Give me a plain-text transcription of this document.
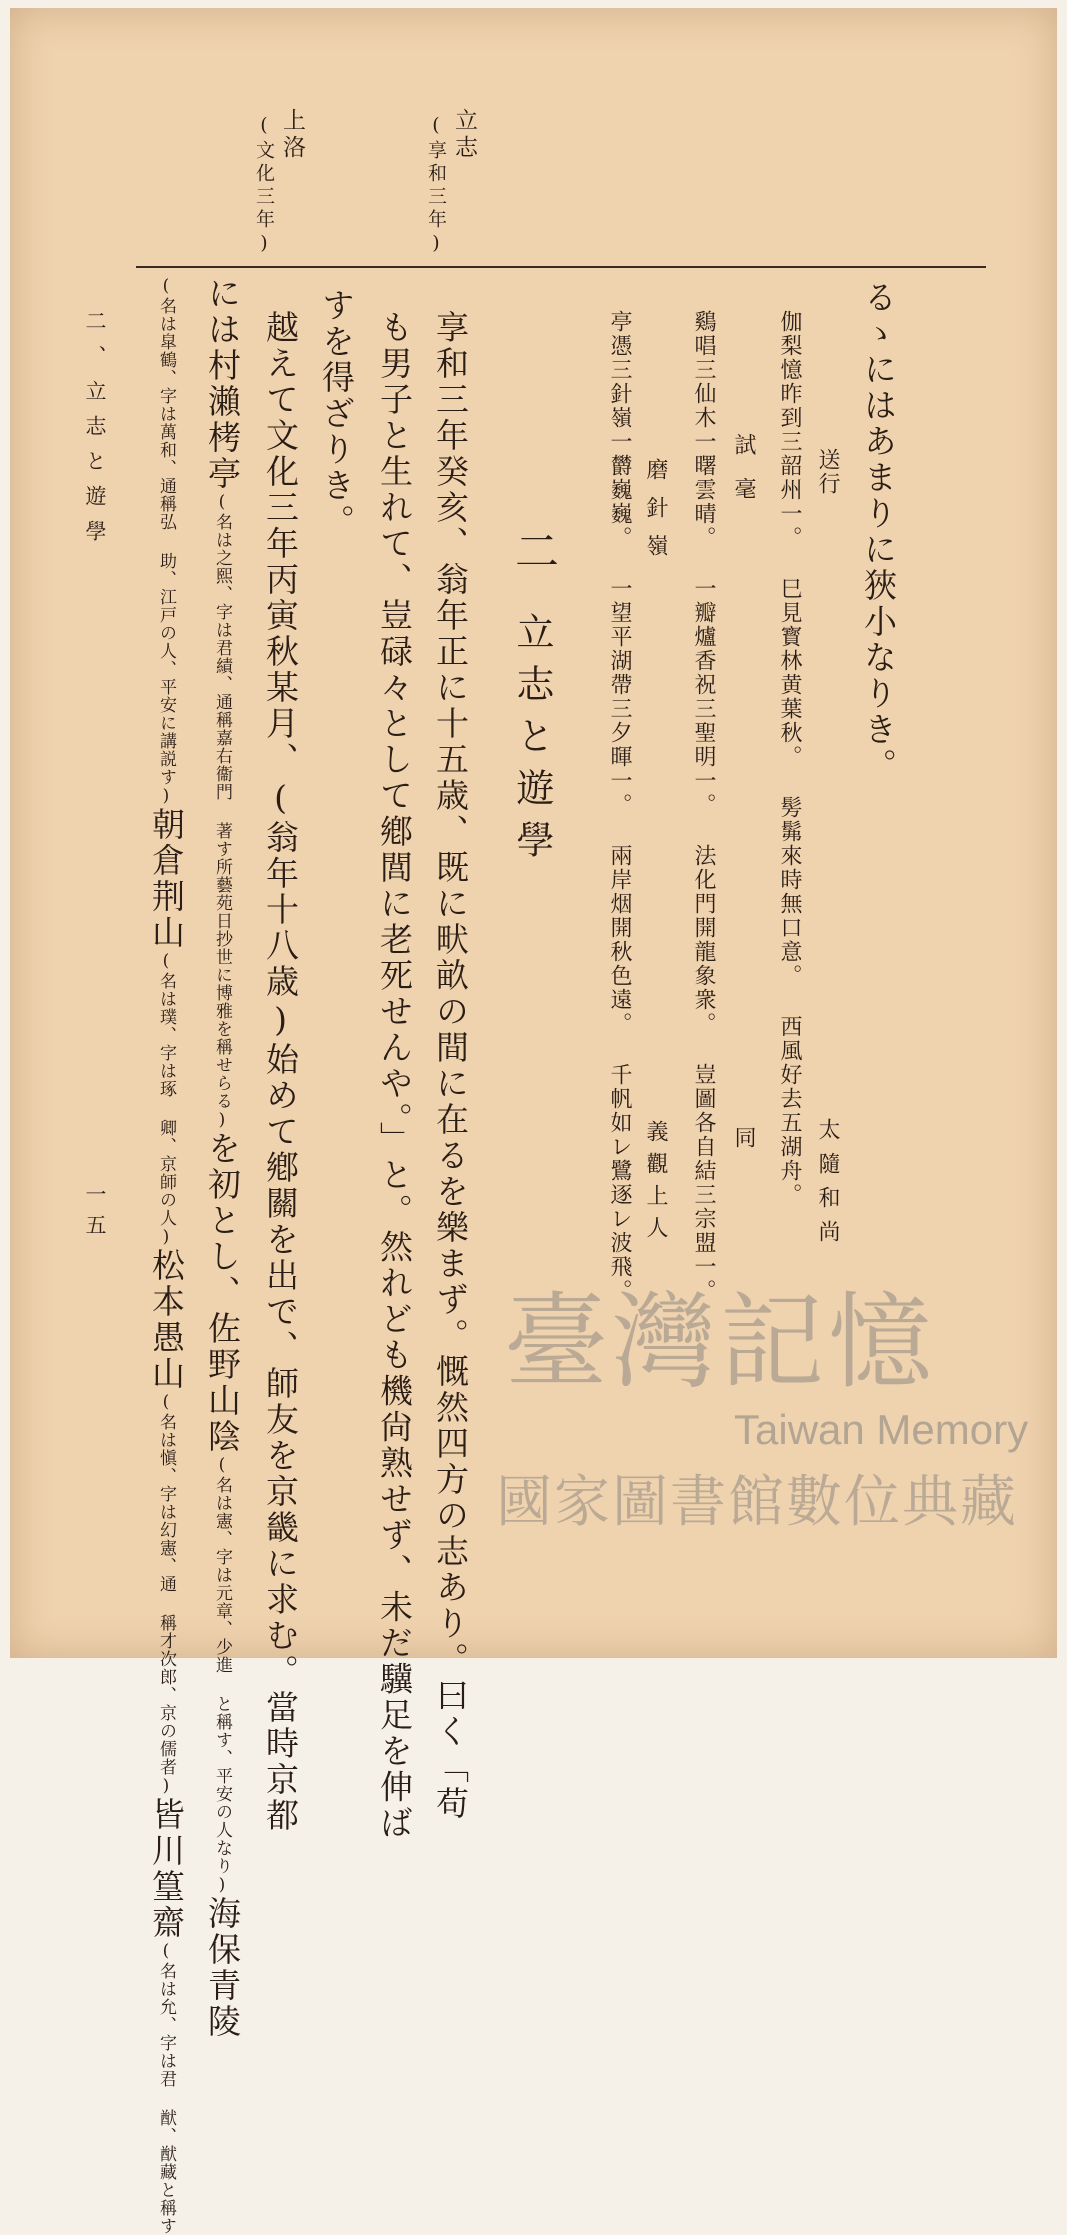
立志
(享和三年)
上洛
(文化三年)
るゝにはあまりに狹小なりき。
送行
太隨和尚
伽梨憶昨到三韶州一。 巳見寳林黄葉秋。 髣髴來時無口意。 西風好去五湖舟。
試毫
同
鷄唱三仙木一曙雲晴。 一瓣爐香祝三聖明一。 法化門開龍象衆。 豈圖各自結三宗盟一。
磨針嶺
義觀上人
亭憑三針嶺一欝巍巍。 一望平湖帶三夕暉一。 兩岸烟開秋色遠。 千帆如レ鷺逐レ波飛。
二立志と遊學
享和三年癸亥、翁年正に十五歳、既に畎畝の間に在るを樂まず。慨然四方の志あり。曰く「苟
も男子と生れて、豈碌々として鄕閭に老死せんや。」と。然れども機尙熟せず、未だ驥足を伸ば
すを得ざりき。
越えて文化三年丙寅秋某月、(翁年十八歳)始めて鄕關を出で、師友を京畿に求む。當時京都
には村瀨栲亭(名は之熙、字は君績、通稱嘉右衞門 著す所藝苑日抄世に博雅を稱せらる)を初とし、佐野山陰(名は憲、字は元章、少進 と稱す、平安の人なり)海保青陵
(名は皐鶴、字は萬和、通稱弘 助、江戸の人、平安に講説す)朝倉荆山(名は璞、字は琢 卿、京師の人)松本愚山(名は愼、字は幻憲、通 稱才次郎、京の儒者)皆川篁齋(名は允、字は君 猷、猷藏と稱す
二、立志と遊學
一五
臺灣記憶
Taiwan Memory
國家圖書館數位典藏
